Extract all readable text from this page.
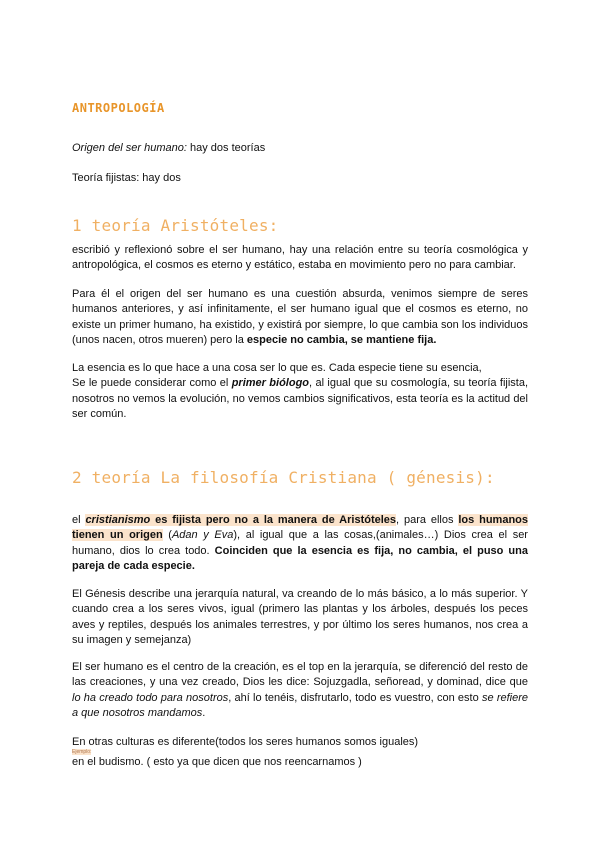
ANTROPOLOGÍA
Origen del ser humano: hay dos teorías
Teoría fijistas: hay dos
1 teoría Aristóteles:
escribió y reflexionó sobre el ser humano, hay una relación entre su teoría cosmológica y antropológica, el cosmos es eterno y estático, estaba en movimiento pero no para cambiar.
Para él el origen del ser humano es una cuestión absurda, venimos siempre de seres humanos anteriores, y así infinitamente, el ser humano igual que el cosmos es eterno, no existe un primer humano, ha existido, y existirá por siempre, lo que cambia son los individuos (unos nacen, otros mueren) pero la especie no cambia, se mantiene fija.
La esencia es lo que hace a una cosa ser lo que es. Cada especie tiene su esencia,
Se le puede considerar como el primer biólogo, al igual que su cosmología, su teoría fijista, nosotros no vemos la evolución, no vemos cambios significativos, esta teoría es la actitud del ser común.
2 teoría La filosofía Cristiana ( génesis):
el cristianismo es fijista pero no a la manera de Aristóteles, para ellos los humanos tienen un origen (Adan y Eva), al igual que a las cosas,(animales…) Dios crea el ser humano, dios lo crea todo. Coinciden que la esencia es fija, no cambia, el puso una pareja de cada especie.
El Génesis describe una jerarquía natural, va creando de lo más básico, a lo más superior. Y cuando crea a los seres vivos, igual (primero las plantas y los árboles, después los peces aves y reptiles, después los animales terrestres, y por último los seres humanos, nos crea a su imagen y semejanza)
El ser humano es el centro de la creación, es el top en la jerarquía, se diferenció del resto de las creaciones, y una vez creado, Dios les dice: Sojuzgadla, señoread, y dominad, dice que lo ha creado todo para nosotros, ahí lo tenéis, disfrutarlo, todo es vuestro, con esto se refiere a que nosotros mandamos.
En otras culturas es diferente(todos los seres humanos somos iguales)
Ejemplo:
en el budismo. ( esto ya que dicen que nos reencarnamos )
